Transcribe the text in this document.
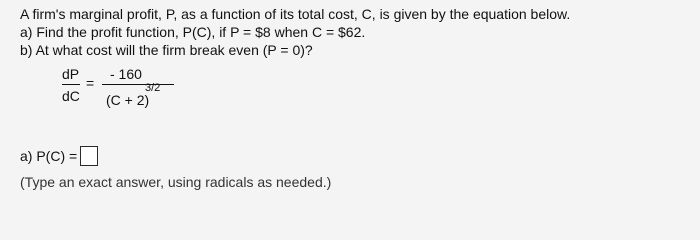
A firm's marginal profit, P, as a function of its total cost, C, is given by the equation below.
a) Find the profit function, P(C), if P = $8 when C = $62.
b) At what cost will the firm break even (P = 0)?
dP
dC
=
- 160
(C + 2)
3/2
a) P(C) =
(Type an exact answer, using radicals as needed.)
